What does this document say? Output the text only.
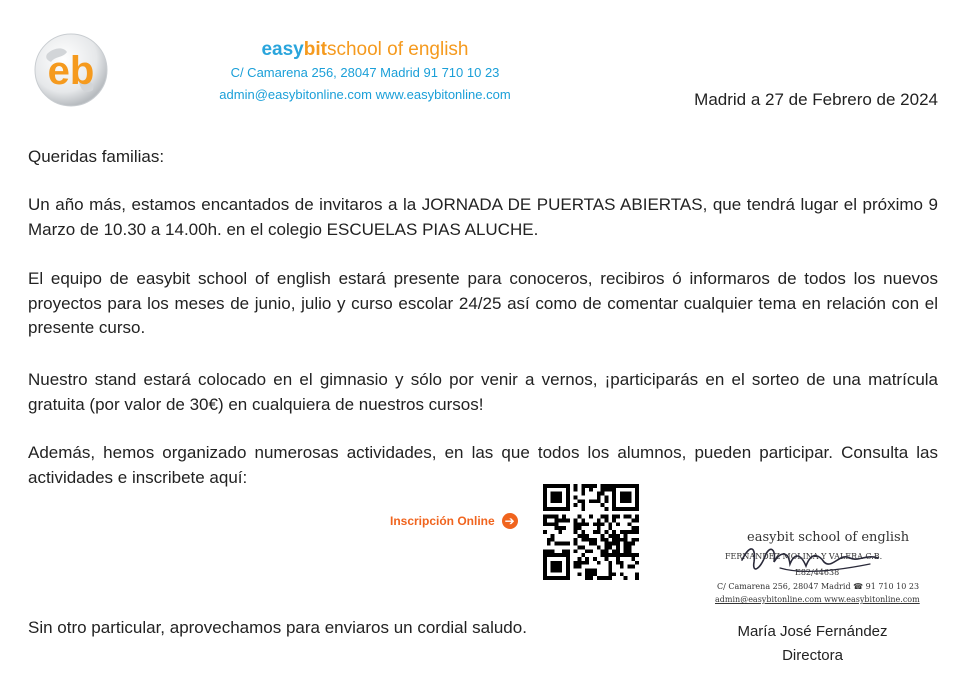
eb	easybitschool of english
C/ Camarena 256, 28047 Madrid 91 710 10 23
admin@easybitonline.com www.easybitonline.com	Madrid a 27 de Febrero de 2024
Queridas familias:
Un año más, estamos encantados de invitaros a la JORNADA DE PUERTAS ABIERTAS, que tendrá lugar el próximo 9 Marzo de 10.30 a 14.00h. en el colegio ESCUELAS PIAS ALUCHE.
El equipo de easybit school of english estará presente para conoceros, recibiros ó informaros de todos los nuevos proyectos para los meses de junio, julio y curso escolar 24/25 así como de comentar cualquier tema en relación con el presente curso.
Nuestro stand estará colocado en el gimnasio y sólo por venir a vernos, ¡participarás en el sorteo de una matrícula gratuita (por valor de 30€) en cualquiera de nuestros cursos!
Además, hemos organizado numerosas actividades, en las que todos los alumnos, pueden participar. Consulta las actividades e inscribete aquí:
Inscripción Online ➔
easybit school of english
FERNANDEZ MOLINA Y VALERA C.B.
E82/44638
C/ Camarena 256, 28047 Madrid ☎ 91 710 10 23
admin@easybitonline.com www.easybitonline.com
Sin otro particular, aprovechamos para enviaros un cordial saludo.	María José Fernández
Directora
